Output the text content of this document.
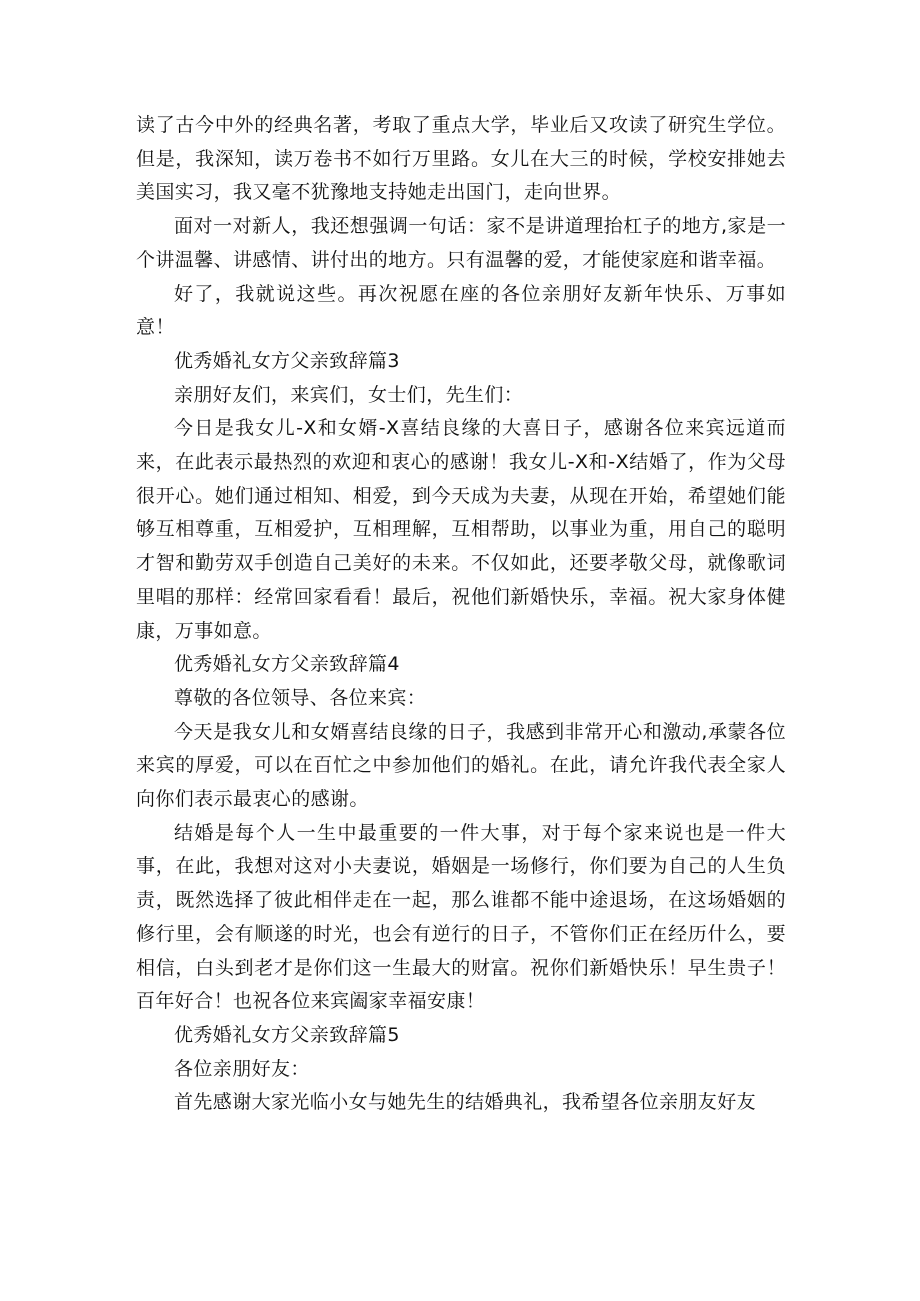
读了古今中外的经典名著，考取了重点大学，毕业后又攻读了研究生学位。但是，我深知，读万卷书不如行万里路。女儿在大三的时候，学校安排她去美国实习，我又毫不犹豫地支持她走出国门，走向世界。

面对一对新人，我还想强调一句话：家不是讲道理抬杠子的地方,家是一个讲温馨、讲感情、讲付出的地方。只有温馨的爱，才能使家庭和谐幸福。

好了，我就说这些。再次祝愿在座的各位亲朋好友新年快乐、万事如意！

优秀婚礼女方父亲致辞篇3

亲朋好友们，来宾们，女士们，先生们：

今日是我女儿-X和女婿-X喜结良缘的大喜日子，感谢各位来宾远道而来，在此表示最热烈的欢迎和衷心的感谢！我女儿-X和-X结婚了，作为父母很开心。她们通过相知、相爱，到今天成为夫妻，从现在开始，希望她们能够互相尊重，互相爱护，互相理解，互相帮助，以事业为重，用自己的聪明才智和勤劳双手创造自己美好的未来。不仅如此，还要孝敬父母，就像歌词里唱的那样：经常回家看看！最后，祝他们新婚快乐，幸福。祝大家身体健康，万事如意。

优秀婚礼女方父亲致辞篇4

尊敬的各位领导、各位来宾：

今天是我女儿和女婿喜结良缘的日子，我感到非常开心和激动,承蒙各位来宾的厚爱，可以在百忙之中参加他们的婚礼。在此，请允许我代表全家人向你们表示最衷心的感谢。

结婚是每个人一生中最重要的一件大事，对于每个家来说也是一件大事，在此，我想对这对小夫妻说，婚姻是一场修行，你们要为自己的人生负责，既然选择了彼此相伴走在一起，那么谁都不能中途退场，在这场婚姻的修行里，会有顺遂的时光，也会有逆行的日子，不管你们正在经历什么，要相信，白头到老才是你们这一生最大的财富。祝你们新婚快乐！早生贵子！百年好合！也祝各位来宾阖家幸福安康！

优秀婚礼女方父亲致辞篇5

各位亲朋好友：

首先感谢大家光临小女与她先生的结婚典礼，我希望各位亲朋友好友
